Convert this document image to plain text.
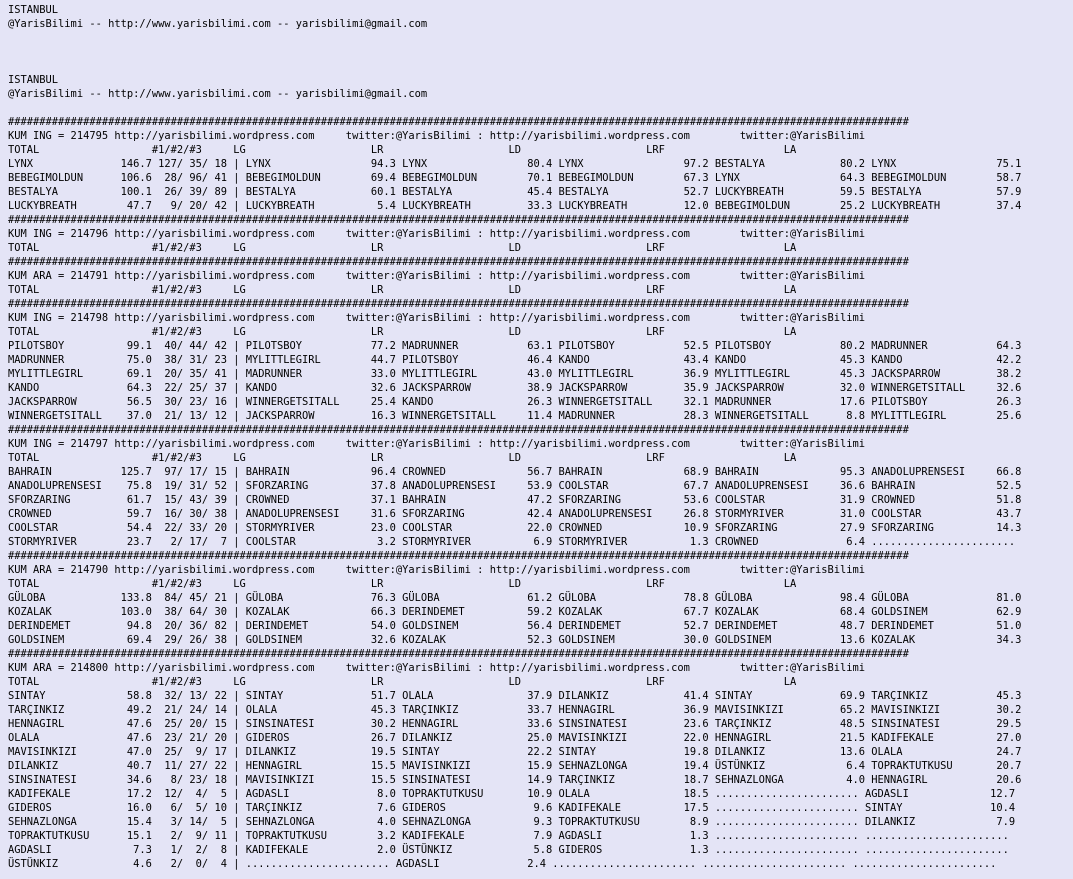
ISTANBUL
@YarisBilimi -- http://www.yarisbilimi.com -- yarisbilimi@gmail.com

ISTANBUL
@YarisBilimi -- http://www.yarisbilimi.com -- yarisbilimi@gmail.com

################################################################################################################################################
KUM ING = 214795 http://yarisbilimi.wordpress.com     twitter:@YarisBilimi : http://yarisbilimi.wordpress.com        twitter:@YarisBilimi
TOTAL                  #1/#2/#3     LG                    LR                    LD                    LRF                   LA
LYNX              146.7 127/ 35/ 18 | LYNX                94.3 LYNX                80.4 LYNX                97.2 BESTALYA            80.2 LYNX                75.1
BEBEGIMOLDUN      106.6  28/ 96/ 41 | BEBEGIMOLDUN        69.4 BEBEGIMOLDUN        70.1 BEBEGIMOLDUN        67.3 LYNX                64.3 BEBEGIMOLDUN        58.7
BESTALYA          100.1  26/ 39/ 89 | BESTALYA            60.1 BESTALYA            45.4 BESTALYA            52.7 LUCKYBREATH         59.5 BESTALYA            57.9
LUCKYBREATH        47.7   9/ 20/ 42 | LUCKYBREATH          5.4 LUCKYBREATH         33.3 LUCKYBREATH         12.0 BEBEGIMOLDUN        25.2 LUCKYBREATH         37.4
################################################################################################################################################
KUM ING = 214796 http://yarisbilimi.wordpress.com     twitter:@YarisBilimi : http://yarisbilimi.wordpress.com        twitter:@YarisBilimi
TOTAL                  #1/#2/#3     LG                    LR                    LD                    LRF                   LA
################################################################################################################################################
KUM ARA = 214791 http://yarisbilimi.wordpress.com     twitter:@YarisBilimi : http://yarisbilimi.wordpress.com        twitter:@YarisBilimi
TOTAL                  #1/#2/#3     LG                    LR                    LD                    LRF                   LA
################################################################################################################################################
KUM ING = 214798 http://yarisbilimi.wordpress.com     twitter:@YarisBilimi : http://yarisbilimi.wordpress.com        twitter:@YarisBilimi
TOTAL                  #1/#2/#3     LG                    LR                    LD                    LRF                   LA
PILOTSBOY          99.1  40/ 44/ 42 | PILOTSBOY           77.2 MADRUNNER           63.1 PILOTSBOY           52.5 PILOTSBOY           80.2 MADRUNNER           64.3
MADRUNNER          75.0  38/ 31/ 23 | MYLITTLEGIRL        44.7 PILOTSBOY           46.4 KANDO               43.4 KANDO               45.3 KANDO               42.2
MYLITTLEGIRL       69.1  20/ 35/ 41 | MADRUNNER           33.0 MYLITTLEGIRL        43.0 MYLITTLEGIRL        36.9 MYLITTLEGIRL        45.3 JACKSPARROW         38.2
KANDO              64.3  22/ 25/ 37 | KANDO               32.6 JACKSPARROW         38.9 JACKSPARROW         35.9 JACKSPARROW         32.0 WINNERGETSITALL     32.6
JACKSPARROW        56.5  30/ 23/ 16 | WINNERGETSITALL     25.4 KANDO               26.3 WINNERGETSITALL     32.1 MADRUNNER           17.6 PILOTSBOY           26.3
WINNERGETSITALL    37.0  21/ 13/ 12 | JACKSPARROW         16.3 WINNERGETSITALL     11.4 MADRUNNER           28.3 WINNERGETSITALL      8.8 MYLITTLEGIRL        25.6
################################################################################################################################################
KUM ING = 214797 http://yarisbilimi.wordpress.com     twitter:@YarisBilimi : http://yarisbilimi.wordpress.com        twitter:@YarisBilimi
TOTAL                  #1/#2/#3     LG                    LR                    LD                    LRF                   LA
BAHRAIN           125.7  97/ 17/ 15 | BAHRAIN             96.4 CROWNED             56.7 BAHRAIN             68.9 BAHRAIN             95.3 ANADOLUPRENSESI     66.8
ANADOLUPRENSESI    75.8  19/ 31/ 52 | SFORZARING          37.8 ANADOLUPRENSESI     53.9 COOLSTAR            67.7 ANADOLUPRENSESI     36.6 BAHRAIN             52.5
SFORZARING         61.7  15/ 43/ 39 | CROWNED             37.1 BAHRAIN             47.2 SFORZARING          53.6 COOLSTAR            31.9 CROWNED             51.8
CROWNED            59.7  16/ 30/ 38 | ANADOLUPRENSESI     31.6 SFORZARING          42.4 ANADOLUPRENSESI     26.8 STORMYRIVER         31.0 COOLSTAR            43.7
COOLSTAR           54.4  22/ 33/ 20 | STORMYRIVER         23.0 COOLSTAR            22.0 CROWNED             10.9 SFORZARING          27.9 SFORZARING          14.3
STORMYRIVER        23.7   2/ 17/  7 | COOLSTAR             3.2 STORMYRIVER          6.9 STORMYRIVER          1.3 CROWNED              6.4 .......................
################################################################################################################################################
KUM ARA = 214790 http://yarisbilimi.wordpress.com     twitter:@YarisBilimi : http://yarisbilimi.wordpress.com        twitter:@YarisBilimi
TOTAL                  #1/#2/#3     LG                    LR                    LD                    LRF                   LA
GÜLOBA            133.8  84/ 45/ 21 | GÜLOBA              76.3 GÜLOBA              61.2 GÜLOBA              78.8 GÜLOBA              98.4 GÜLOBA              81.0
KOZALAK           103.0  38/ 64/ 30 | KOZALAK             66.3 DERINDEMET          59.2 KOZALAK             67.7 KOZALAK             68.4 GOLDSINEM           62.9
DERINDEMET         94.8  20/ 36/ 82 | DERINDEMET          54.0 GOLDSINEM           56.4 DERINDEMET          52.7 DERINDEMET          48.7 DERINDEMET          51.0
GOLDSINEM          69.4  29/ 26/ 38 | GOLDSINEM           32.6 KOZALAK             52.3 GOLDSINEM           30.0 GOLDSINEM           13.6 KOZALAK             34.3
################################################################################################################################################
KUM ARA = 214800 http://yarisbilimi.wordpress.com     twitter:@YarisBilimi : http://yarisbilimi.wordpress.com        twitter:@YarisBilimi
TOTAL                  #1/#2/#3     LG                    LR                    LD                    LRF                   LA
SINTAY             58.8  32/ 13/ 22 | SINTAY              51.7 OLALA               37.9 DILANKIZ            41.4 SINTAY              69.9 TARÇINKIZ           45.3
TARÇINKIZ          49.2  21/ 24/ 14 | OLALA               45.3 TARÇINKIZ           33.7 HENNAGIRL           36.9 MAVISINKIZI         65.2 MAVISINKIZI         30.2
HENNAGIRL          47.6  25/ 20/ 15 | SINSINATESI         30.2 HENNAGIRL           33.6 SINSINATESI         23.6 TARÇINKIZ           48.5 SINSINATESI         29.5
OLALA              47.6  23/ 21/ 20 | GIDEROS             26.7 DILANKIZ            25.0 MAVISINKIZI         22.0 HENNAGIRL           21.5 KADIFEKALE          27.0
MAVISINKIZI        47.0  25/  9/ 17 | DILANKIZ            19.5 SINTAY              22.2 SINTAY              19.8 DILANKIZ            13.6 OLALA               24.7
DILANKIZ           40.7  11/ 27/ 22 | HENNAGIRL           15.5 MAVISINKIZI         15.9 SEHNAZLONGA         19.4 ÜSTÜNKIZ             6.4 TOPRAKTUTKUSU       20.7
SINSINATESI        34.6   8/ 23/ 18 | MAVISINKIZI         15.5 SINSINATESI         14.9 TARÇINKIZ           18.7 SEHNAZLONGA          4.0 HENNAGIRL           20.6
KADIFEKALE         17.2  12/  4/  5 | AGDASLI              8.0 TOPRAKTUTKUSU       10.9 OLALA               18.5 ....................... AGDASLI             12.7
GIDEROS            16.0   6/  5/ 10 | TARÇINKIZ            7.6 GIDEROS              9.6 KADIFEKALE          17.5 ....................... SINTAY              10.4
SEHNAZLONGA        15.4   3/ 14/  5 | SEHNAZLONGA          4.0 SEHNAZLONGA          9.3 TOPRAKTUTKUSU        8.9 ....................... DILANKIZ             7.9
TOPRAKTUTKUSU      15.1   2/  9/ 11 | TOPRAKTUTKUSU        3.2 KADIFEKALE           7.9 AGDASLI              1.3 ....................... .......................
AGDASLI             7.3   1/  2/  8 | KADIFEKALE           2.0 ÜSTÜNKIZ             5.8 GIDEROS              1.3 ....................... .......................
ÜSTÜNKIZ            4.6   2/  0/  4 | ....................... AGDASLI              2.4 ....................... ....................... .......................
